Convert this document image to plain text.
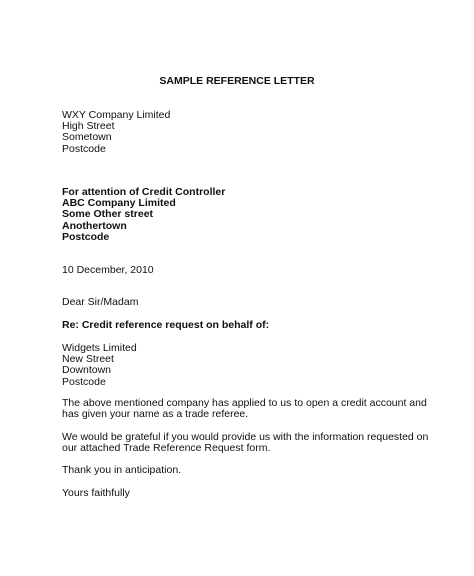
SAMPLE REFERENCE LETTER
WXY Company Limited
High Street
Sometown
Postcode
For attention of Credit Controller
ABC Company Limited
Some Other street
Anothertown
Postcode
10 December, 2010
Dear Sir/Madam
Re: Credit reference request on behalf of:
Widgets Limited
New Street
Downtown
Postcode
The above mentioned company has applied to us to open a credit account and has given your name as a trade referee.
We would be grateful if you would provide us with the information requested on our attached Trade Reference Request form.
Thank you in anticipation.
Yours faithfully
